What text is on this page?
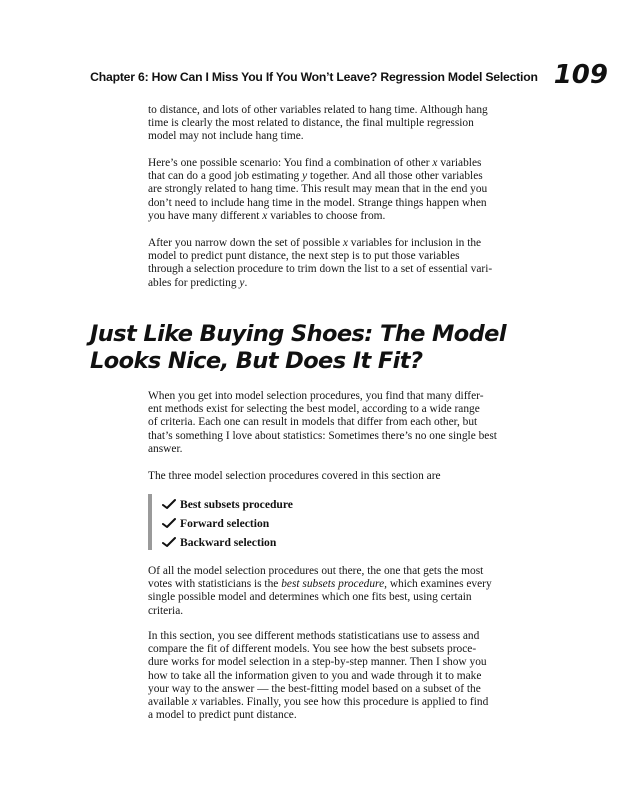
Chapter 6: How Can I Miss You If You Won’t Leave? Regression Model Selection 109

to distance, and lots of other variables related to hang time. Although hang

time is clearly the most related to distance, the final multiple regression

model may not include hang time.

Here’s one possible scenario: You find a combination of other x variables

that can do a good job estimating y together. And all those other variables

are strongly related to hang time. This result may mean that in the end you

don’t need to include hang time in the model. Strange things happen when

you have many different x variables to choose from.

After you narrow down the set of possible x variables for inclusion in the

model to predict punt distance, the next step is to put those variables

through a selection procedure to trim down the list to a set of essential vari-

ables for predicting y.

Just Like Buying Shoes: The Model
Looks Nice, But Does It Fit?

When you get into model selection procedures, you find that many differ-

ent methods exist for selecting the best model, according to a wide range

of criteria. Each one can result in models that differ from each other, but

that’s something I love about statistics: Sometimes there’s no one single best

answer.

The three model selection procedures covered in this section are

Best subsets procedure
Forward selection
Backward selection

Of all the model selection procedures out there, the one that gets the most

votes with statisticians is the best subsets procedure, which examines every

single possible model and determines which one fits best, using certain

criteria.

In this section, you see different methods statisticatians use to assess and

compare the fit of different models. You see how the best subsets proce-

dure works for model selection in a step-by-step manner. Then I show you

how to take all the information given to you and wade through it to make

your way to the answer — the best-fitting model based on a subset of the

available x variables. Finally, you see how this procedure is applied to find

a model to predict punt distance.
